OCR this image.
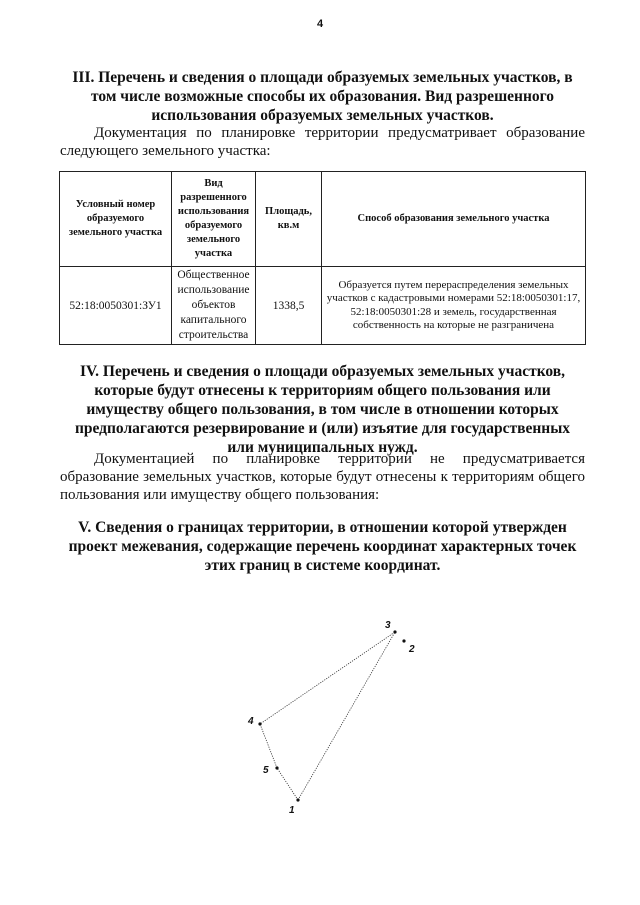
4
III. Перечень и сведения о площади образуемых земельных участков, в том числе возможные способы их образования. Вид разрешенного использования образуемых земельных участков.
Документация по планировке территории предусматривает образование следующего земельного участка:
Условный номер образуемого земельного участка	Вид разрешенного использования образуемого земельного участка	Площадь, кв.м	Способ образования земельного участка
52:18:0050301:ЗУ1	Общественное использование объектов капитального строительства	1338,5	Образуется путем перераспределения земельных участков с кадастровыми номерами 52:18:0050301:17, 52:18:0050301:28 и земель, государственная собственность на которые не разграничена
IV. Перечень и сведения о площади образуемых земельных участков, которые будут отнесены к территориям общего пользования или имуществу общего пользования, в том числе в отношении которых предполагаются резервирование и (или) изъятие для государственных или муниципальных нужд.
Документацией по планировке территории не предусматривается образование земельных участков, которые будут отнесены к территориям общего пользования или имуществу общего пользования:
V. Сведения о границах территории, в отношении которой утвержден проект межевания, содержащие перечень координат характерных точек этих границ в системе координат.
1
2
3
4
5
